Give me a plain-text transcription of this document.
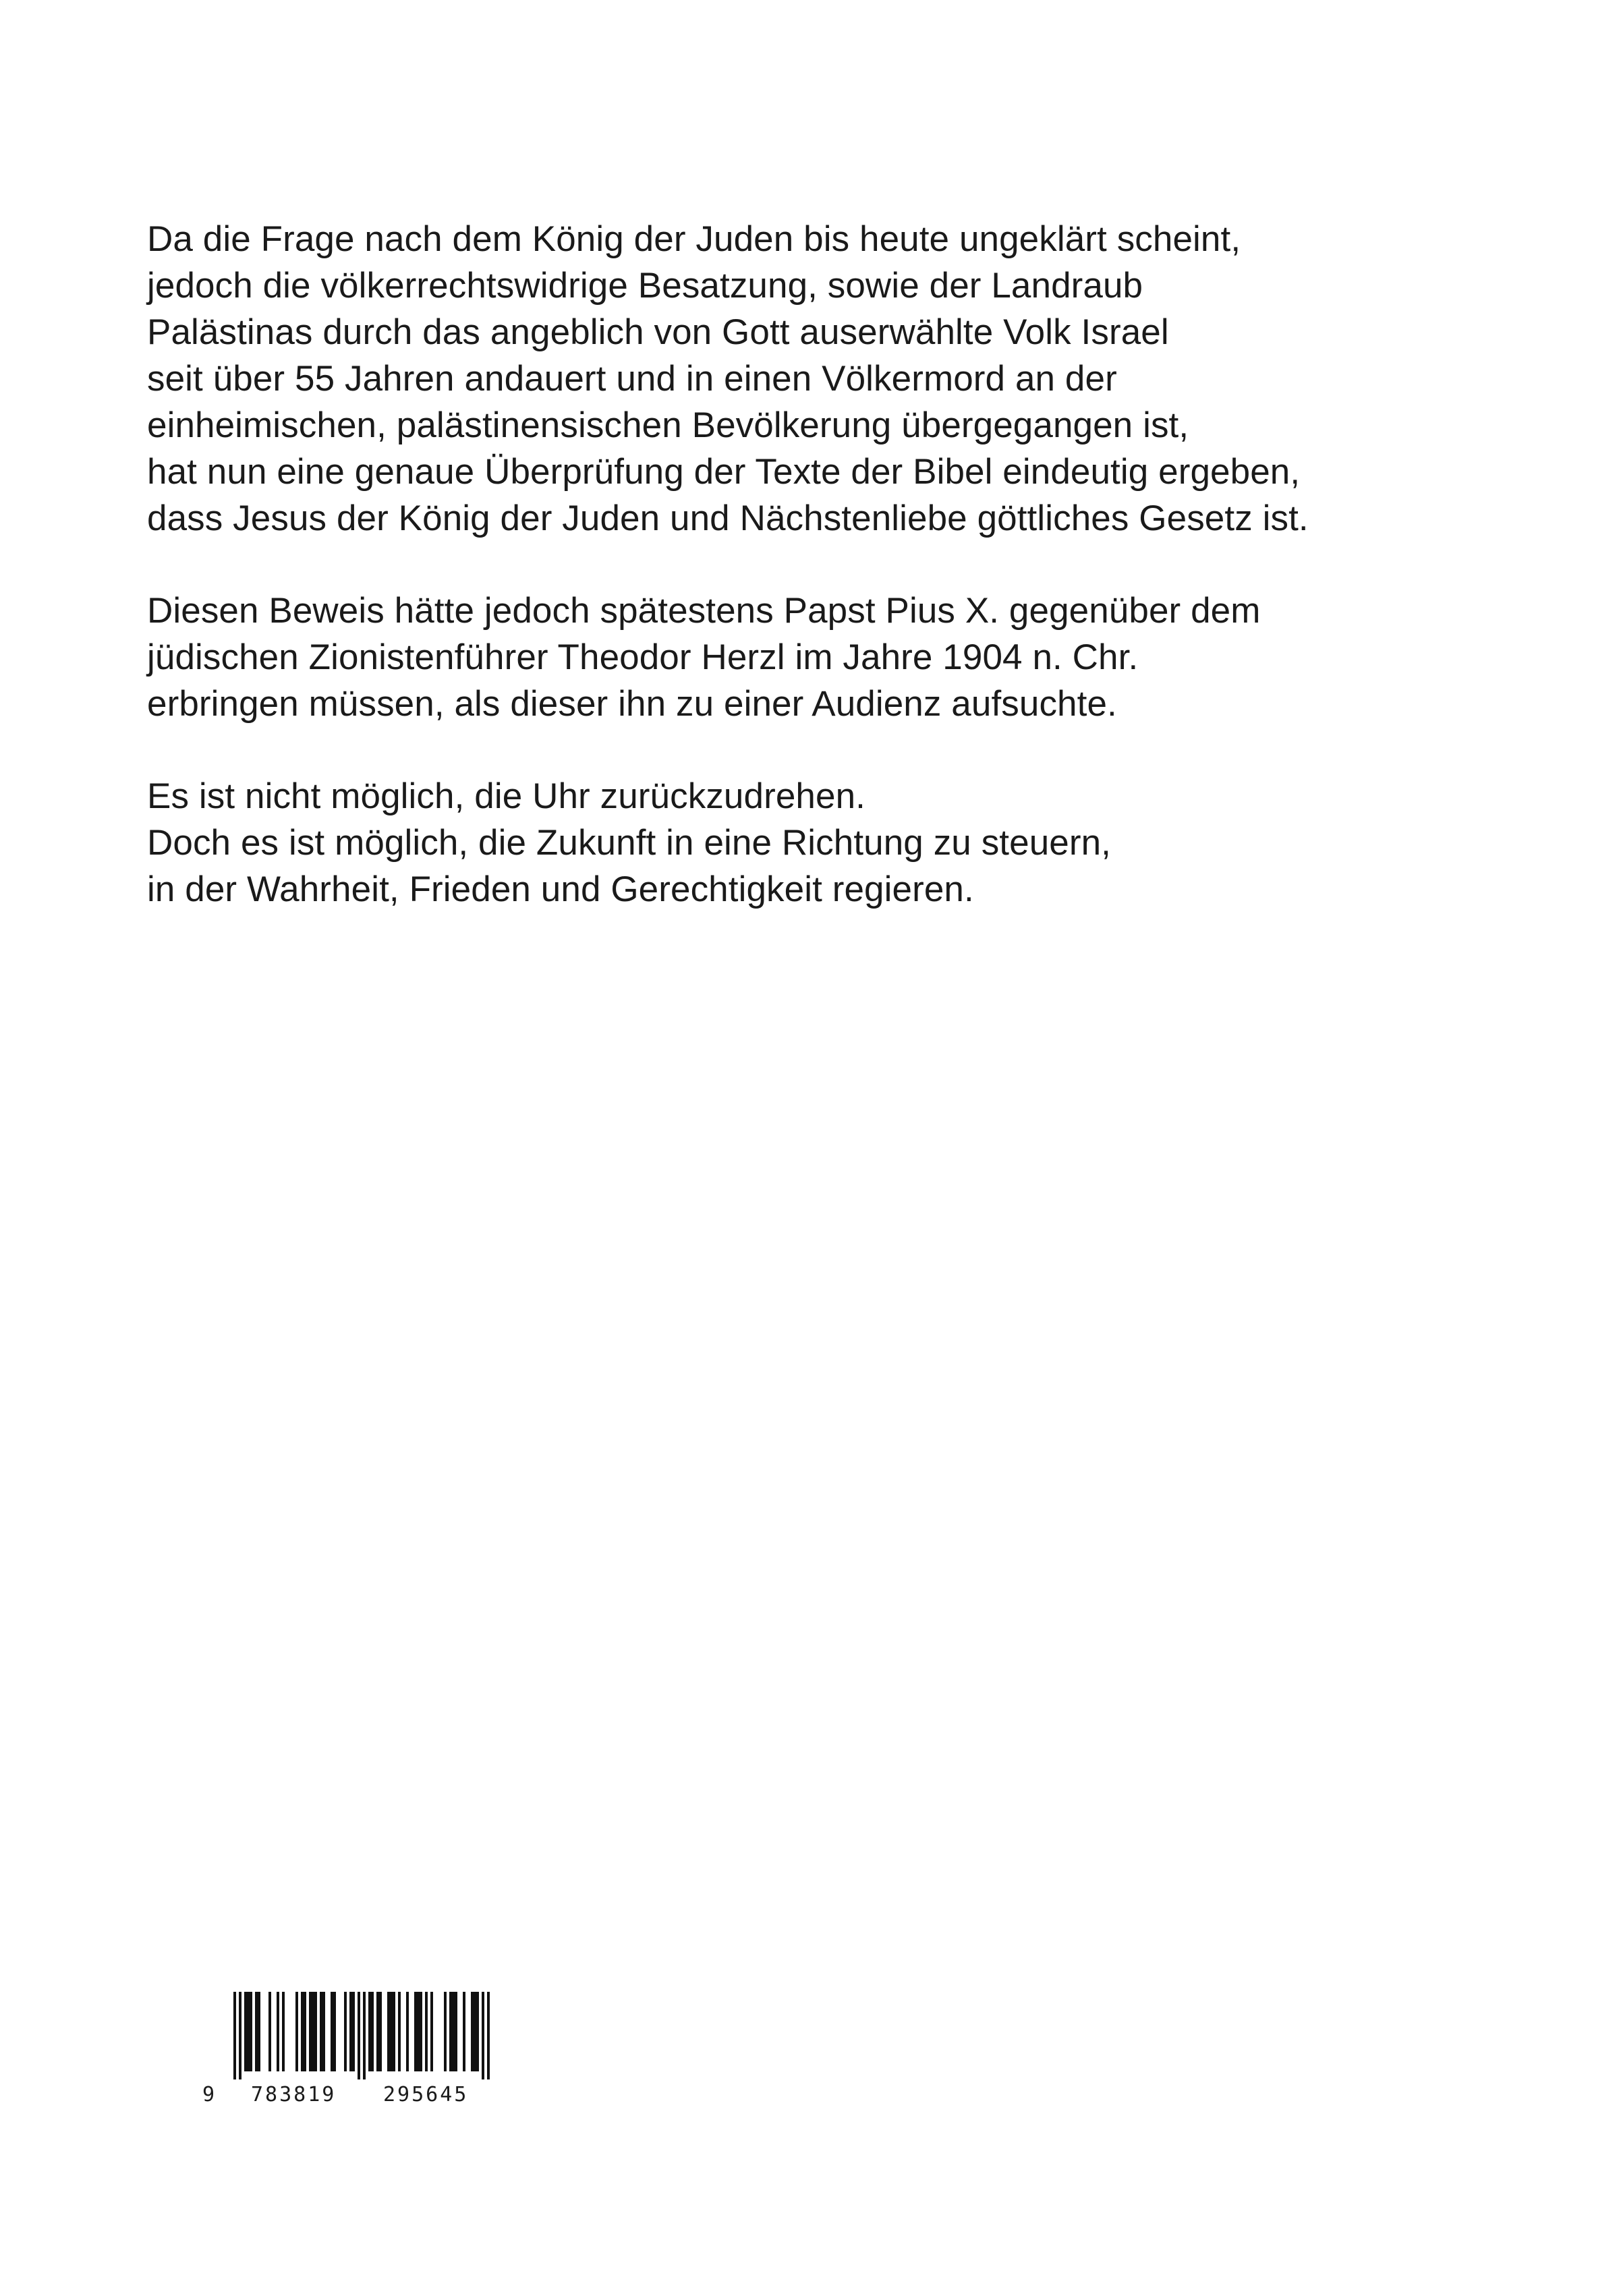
Da die Frage nach dem König der Juden bis heute ungeklärt scheint,
jedoch die völkerrechtswidrige Besatzung, sowie der Landraub
Palästinas durch das angeblich von Gott auserwählte Volk Israel
seit über 55 Jahren andauert und in einen Völkermord an der
einheimischen, palästinensischen Bevölkerung übergegangen ist,
hat nun eine genaue Überprüfung der Texte der Bibel eindeutig ergeben,
dass Jesus der König der Juden und Nächstenliebe göttliches Gesetz ist.

Diesen Beweis hätte jedoch spätestens Papst Pius X. gegenüber dem
jüdischen Zionistenführer Theodor Herzl im Jahre 1904 n. Chr.
erbringen müssen, als dieser ihn zu einer Audienz aufsuchte.

Es ist nicht möglich, die Uhr zurückzudrehen.
Doch es ist möglich, die Zukunft in eine Richtung zu steuern,
in der Wahrheit, Frieden und Gerechtigkeit regieren.

9 783819 295645
